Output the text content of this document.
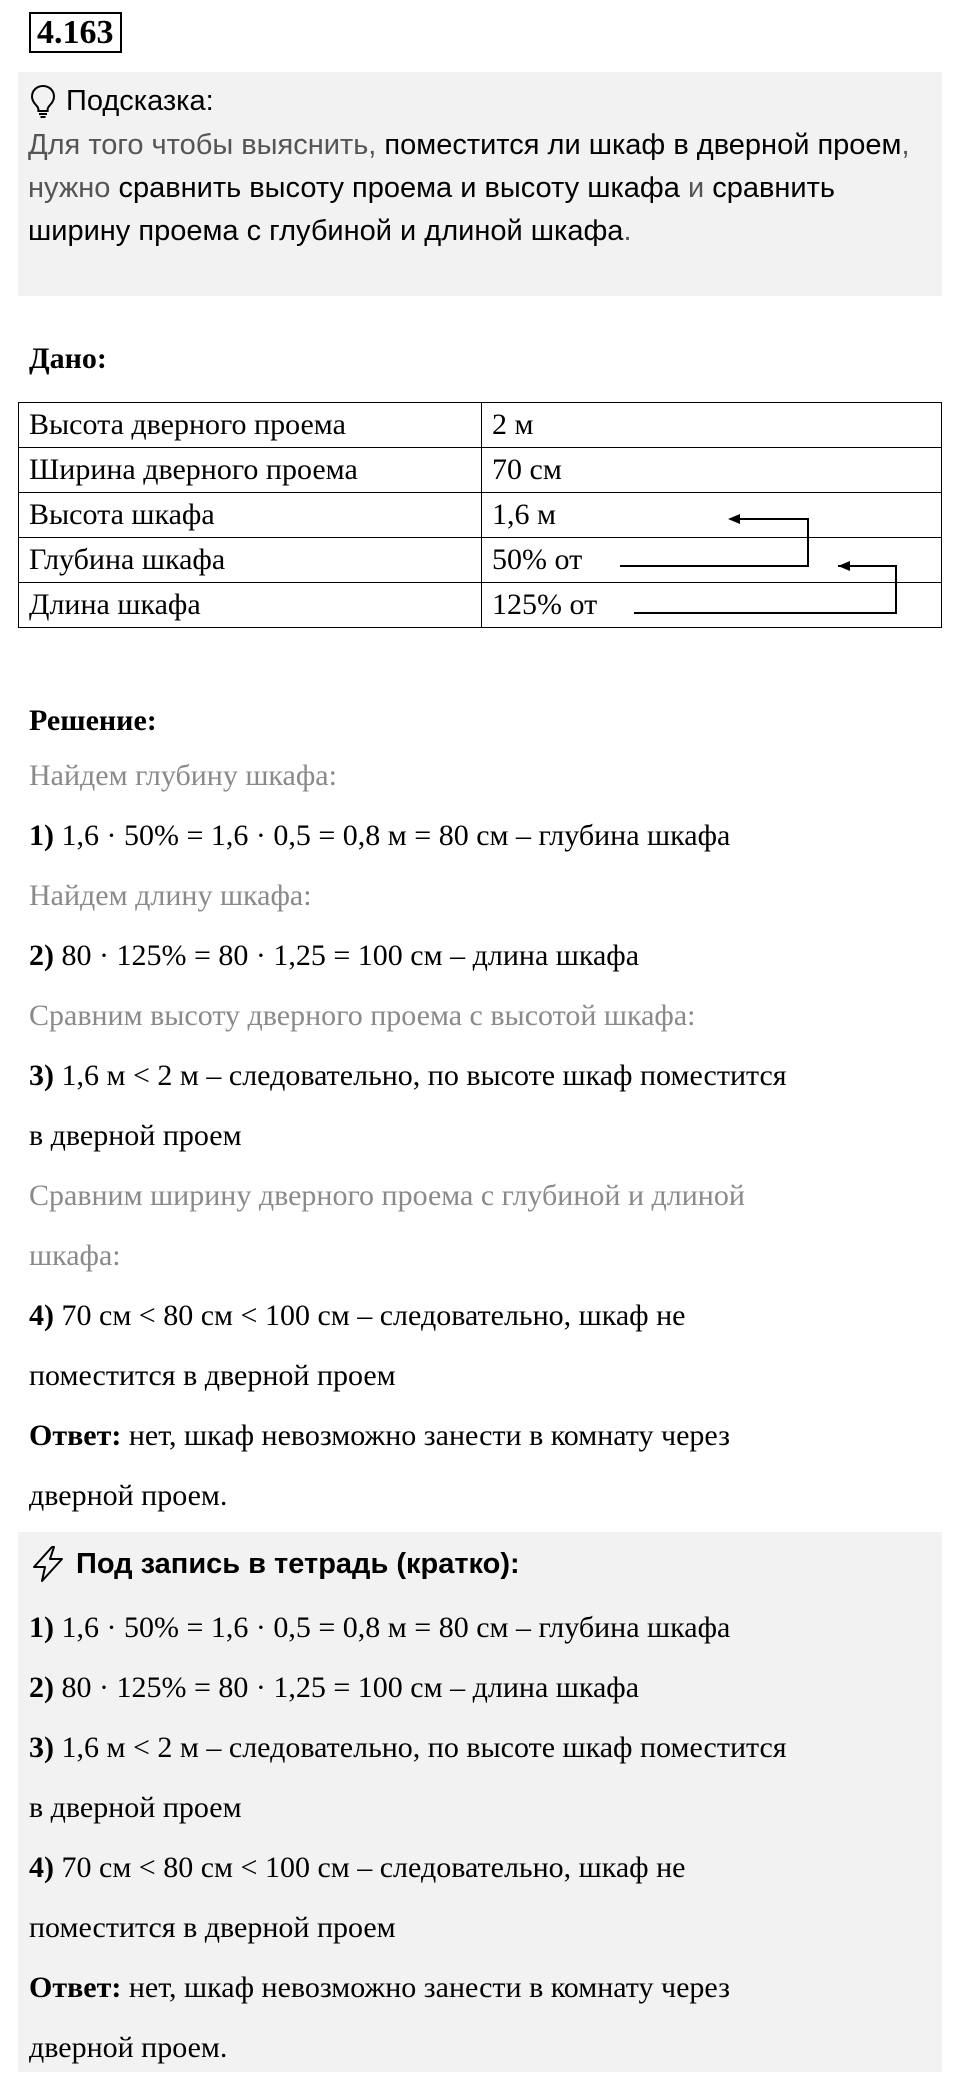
4.163
Подсказка:
Для того чтобы выяснить, поместится ли шкаф в дверной проем, нужно сравнить высоту проема и высоту шкафа и сравнить ширину проема с глубиной и длиной шкафа.
Дано:
Высота дверного проема	2 м
Ширина дверного проема	70 см
Высота шкафа	1,6 м
Глубина шкафа	50% от
Длина шкафа	125% от
Решение:
Найдем глубину шкафа:
1) 1,6 · 50% = 1,6 · 0,5 = 0,8 м = 80 см – глубина шкафа
Найдем длину шкафа:
2) 80 · 125% = 80 · 1,25 = 100 см – длина шкафа
Сравним высоту дверного проема с высотой шкафа:
3) 1,6 м < 2 м – следовательно, по высоте шкаф поместится
в дверной проем
Сравним ширину дверного проема с глубиной и длиной
шкафа:
4) 70 см < 80 см < 100 см – следовательно, шкаф не
поместится в дверной проем
Ответ: нет, шкаф невозможно занести в комнату через
дверной проем.
Под запись в тетрадь (кратко):
1) 1,6 · 50% = 1,6 · 0,5 = 0,8 м = 80 см – глубина шкафа
2) 80 · 125% = 80 · 1,25 = 100 см – длина шкафа
3) 1,6 м < 2 м – следовательно, по высоте шкаф поместится
в дверной проем
4) 70 см < 80 см < 100 см – следовательно, шкаф не
поместится в дверной проем
Ответ: нет, шкаф невозможно занести в комнату через
дверной проем.
